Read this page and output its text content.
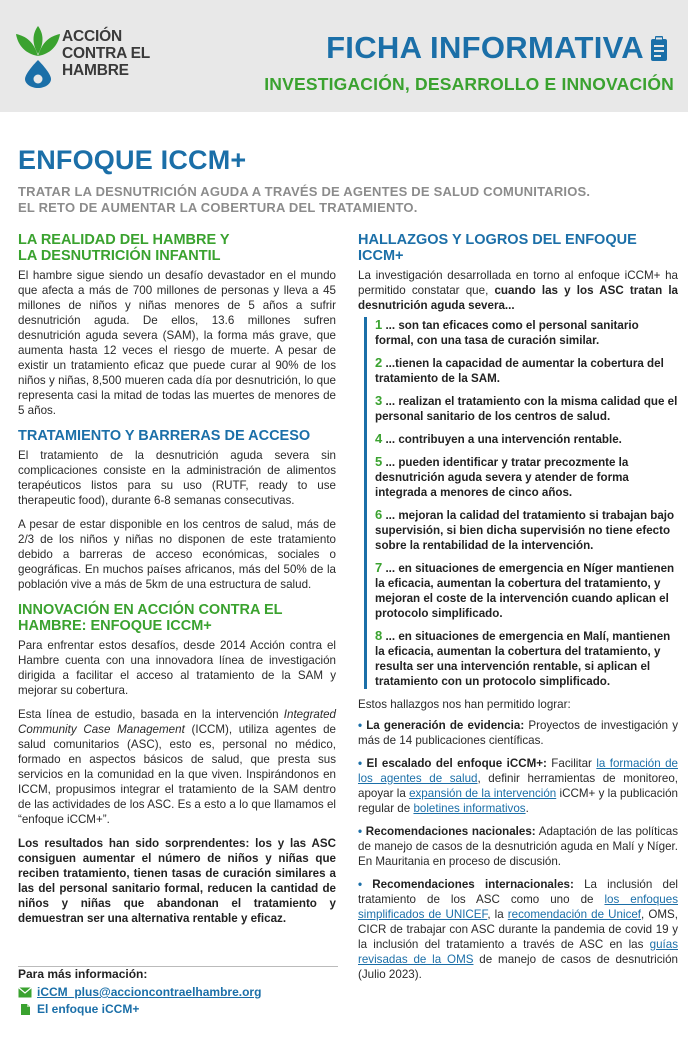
ACCIÓN
CONTRA EL
HAMBRE
FICHA INFORMATIVA
INVESTIGACIÓN, DESARROLLO E INNOVACIÓN
ENFOQUE ICCM+
TRATAR LA DESNUTRICIÓN AGUDA A TRAVÉS DE AGENTES DE SALUD COMUNITARIOS.
EL RETO DE AUMENTAR LA COBERTURA DEL TRATAMIENTO.
LA REALIDAD DEL HAMBRE Y
LA DESNUTRICIÓN INFANTIL

El hambre sigue siendo un desafío devastador en el mundo que afecta a más de 700 millones de personas y lleva a 45 millones de niños y niñas menores de 5 años a sufrir desnutrición aguda. De ellos, 13.6 millones sufren desnutrición aguda severa (SAM), la forma más grave, que aumenta hasta 12 veces el riesgo de muerte. A pesar de existir un tratamiento eficaz que puede curar al 90% de los niños y niñas, 8,500 mueren cada día por desnutrición, lo que representa casi la mitad de todas las muertes de menores de 5 años.

TRATAMIENTO Y BARRERAS DE ACCESO

El tratamiento de la desnutrición aguda severa sin complicaciones consiste en la administración de alimentos terapéuticos listos para su uso (RUTF, ready to use therapeutic food), durante 6-8 semanas consecutivas.

A pesar de estar disponible en los centros de salud, más de 2/3 de los niños y niñas no disponen de este tratamiento debido a barreras de acceso económicas, sociales o geográficas. En muchos países africanos, más del 50% de la población vive a más de 5km de una estructura de salud.

INNOVACIÓN EN ACCIÓN CONTRA EL
HAMBRE: ENFOQUE ICCM+

Para enfrentar estos desafíos, desde 2014 Acción contra el Hambre cuenta con una innovadora línea de investigación dirigida a facilitar el acceso al tratamiento de la SAM y mejorar su cobertura.

Esta línea de estudio, basada en la intervención Integrated Community Case Management (ICCM), utiliza agentes de salud comunitarios (ASC), esto es, personal no médico, formado en aspectos básicos de salud, que presta sus servicios en la comunidad en la que viven. Inspirándonos en ICCM, propusimos integrar el tratamiento de la SAM dentro de las actividades de los ASC. Es a esto a lo que llamamos el “enfoque iCCM+”.

Los resultados han sido sorprendentes: los y las ASC consiguen aumentar el número de niños y niñas que reciben tratamiento, tienen tasas de curación similares a las del personal sanitario formal, reducen la cantidad de niños y niñas que abandonan el tratamiento y demuestran ser una alternativa rentable y eficaz.

HALLAZGOS Y LOGROS DEL ENFOQUE ICCM+

La investigación desarrollada en torno al enfoque iCCM+ ha permitido constatar que, cuando las y los ASC tratan la desnutrición aguda severa...

1 ... son tan eficaces como el personal sanitario formal, con una tasa de curación similar.
2 ...tienen la capacidad de aumentar la cobertura del tratamiento de la SAM.
3 ... realizan el tratamiento con la misma calidad que el personal sanitario de los centros de salud.
4 ... contribuyen a una intervención rentable.
5 ... pueden identificar y tratar precozmente la desnutrición aguda severa y atender de forma integrada a menores de cinco años.
6 ... mejoran la calidad del tratamiento si trabajan bajo supervisión, si bien dicha supervisión no tiene efecto sobre la rentabilidad de la intervención.
7 ... en situaciones de emergencia en Níger mantienen la eficacia, aumentan la cobertura del tratamiento, y mejoran el coste de la intervención cuando aplican el protocolo simplificado.
8 ... en situaciones de emergencia en Malí, mantienen la eficacia, aumentan la cobertura del tratamiento, y resulta ser una intervención rentable, si aplican el tratamiento con un protocolo simplificado.

Estos hallazgos nos han permitido lograr:

• La generación de evidencia: Proyectos de investigación y más de 14 publicaciones científicas.
• El escalado del enfoque iCCM+: Facilitar la formación de los agentes de salud, definir herramientas de monitoreo, apoyar la expansión de la intervención iCCM+ y la publicación regular de boletines informativos.
• Recomendaciones nacionales: Adaptación de las políticas de manejo de casos de la desnutrición aguda en Malí y Níger. En Mauritania en proceso de discusión.
• Recomendaciones internacionales: La inclusión del tratamiento de los ASC como uno de los enfoques simplificados de UNICEF, la recomendación de Unicef, OMS, CICR de trabajar con ASC durante la pandemia de covid 19 y la inclusión del tratamiento a través de ASC en las guías revisadas de la OMS de manejo de casos de desnutrición (Julio 2023).
Para más información:
iCCM_plus@accioncontraelhambre.org
El enfoque iCCM+
